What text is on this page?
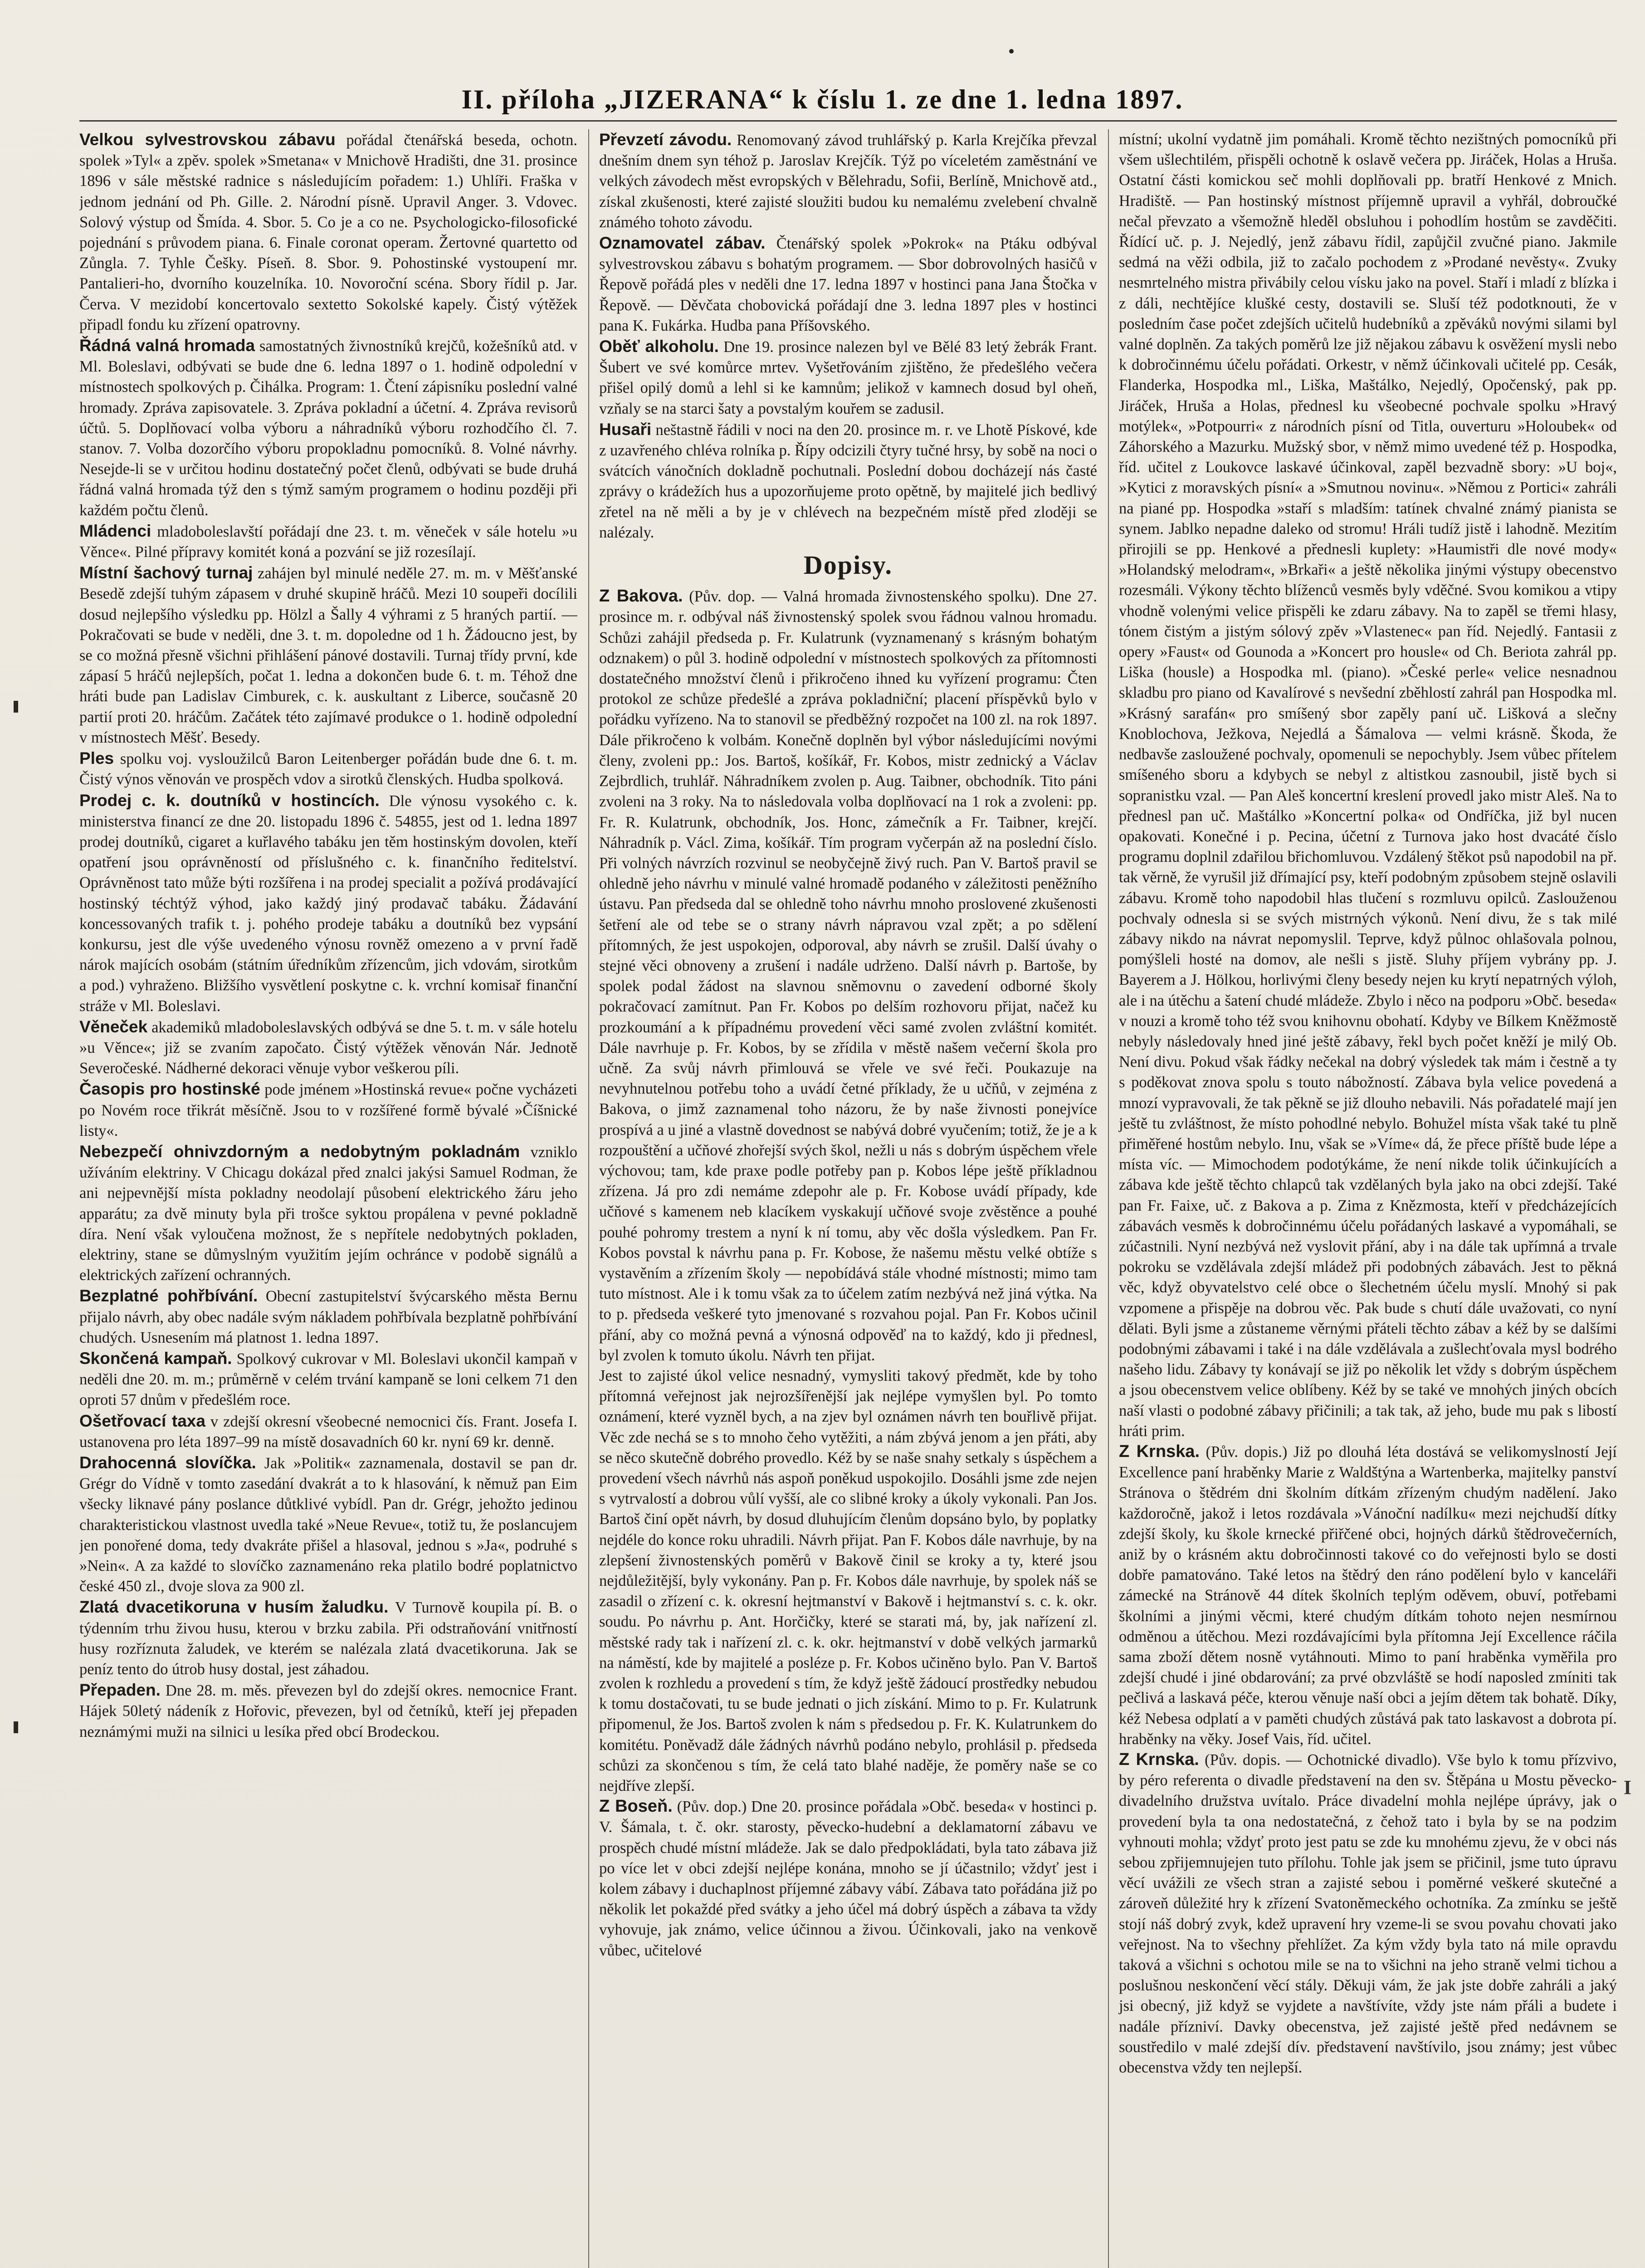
II. příloha „JIZERANA“ k číslu 1. ze dne 1. ledna 1897.

Velkou sylvestrovskou zábavu pořádal čtenářská beseda, ochotn. spolek »Tyl« a zpěv. spolek »Smetana« v Mnichově Hradišti, dne 31. prosince 1896 v sále městské radnice s následujícím pořadem: 1.) Uhlíři. Fraška v jednom jednání od Ph. Gille. 2. Národní písně. Upravil Anger. 3. Vdovec. Solový výstup od Šmída. 4. Sbor. 5. Co je a co ne. Psychologicko-filosofické pojednání s průvodem piana. 6. Finale coronat operam. Žertovné quartetto od Zůngla. 7. Tyhle Češky. Píseň. 8. Sbor. 9. Pohostinské vystoupení mr. Pantalieri-ho, dvorního kouzelníka. 10. Novoroční scéna. Sbory řídil p. Jar. Červa. V mezidobí koncertovalo sextetto Sokolské kapely. Čistý výtěžek připadl fondu ku zřízení opatrovny.

Řádná valná hromada samostatných živnostníků krejčů, kožešníků atd. v Ml. Boleslavi, odbývati se bude dne 6. ledna 1897 o 1. hodině odpolední v místnostech spolkových p. Čihálka. Program: 1. Čtení zápisníku poslední valné hromady. Zpráva zapisovatele. 3. Zpráva pokladní a účetní. 4. Zpráva revisorů účtů. 5. Doplňovací volba výboru a náhradníků výboru rozhodčího čl. 7. stanov. 7. Volba dozorčího výboru propokladnu pomocníků. 8. Volné návrhy. Nesejde-li se v určitou hodinu dostatečný počet členů, odbývati se bude druhá řádná valná hromada týž den s týmž samým programem o hodinu později při každém počtu členů.

Mládenci mladoboleslavští pořádají dne 23. t. m. věneček v sále hotelu »u Věnce«. Pilné přípravy komitét koná a pozvání se již rozesílají.

Místní šachový turnaj zahájen byl minulé neděle 27. m. m. v Měšťanské Besedě zdejší tuhým zápasem v druhé skupině hráčů. Mezi 10 soupeři docílili dosud nejlepšího výsledku pp. Hölzl a Šally 4 výhrami z 5 hraných partií. — Pokračovati se bude v neděli, dne 3. t. m. dopoledne od 1 h. Žádoucno jest, by se co možná přesně všichni přihlášení pánové dostavili. Turnaj třídy první, kde zápasí 5 hráčů nejlepších, počat 1. ledna a dokončen bude 6. t. m. Téhož dne hráti bude pan Ladislav Cimburek, c. k. auskultant z Liberce, současně 20 partií proti 20. hráčům. Začátek této zajímavé produkce o 1. hodině odpolední v místnostech Měšť. Besedy.

Ples spolku voj. vysloužilců Baron Leitenberger pořádán bude dne 6. t. m. Čistý výnos věnován ve prospěch vdov a sirotků členských. Hudba spolková.

Prodej c. k. doutníků v hostincích. Dle výnosu vysokého c. k. ministerstva financí ze dne 20. listopadu 1896 č. 54855, jest od 1. ledna 1897 prodej doutníků, cigaret a kuřlavého tabáku jen těm hostinským dovolen, kteří opatření jsou oprávněností od příslušného c. k. finančního ředitelství. Oprávněnost tato může býti rozšířena i na prodej specialit a požívá prodávající hostinský téchtýž výhod, jako každý jiný prodavač tabáku. Žádavání koncessovaných trafik t. j. pohého prodeje tabáku a doutníků bez vypsání konkursu, jest dle výše uvedeného výnosu rovněž omezeno a v první řadě nárok majících osobám (státním úředníkům zřízencům, jich vdovám, sirotkům a pod.) vyhraženo. Bližšího vysvětlení poskytne c. k. vrchní komisař finanční stráže v Ml. Boleslavi.

Věneček akademiků mladoboleslavských odbývá se dne 5. t. m. v sále hotelu »u Věnce«; již se zvaním započato. Čistý výtěžek věnován Nár. Jednotě Severočeské. Nádherné dekoraci věnuje vybor veškerou píli.

Časopis pro hostinské pode jménem »Hostinská revue« počne vycházeti po Novém roce třikrát měsíčně. Jsou to v rozšířené formě bývalé »Číšnické listy«.

Nebezpečí ohnivzdorným a nedobytným pokladnám vzniklo užíváním elektriny. V Chicagu dokázal před znalci jakýsi Samuel Rodman, že ani nejpevnější místa pokladny neodolají působení elektrického žáru jeho apparátu; za dvě minuty byla při trošce syktou propálena v pevné pokladně díra. Není však vyloučena možnost, že s nepřítele nedobytných pokladen, elektriny, stane se důmyslným využitím jejím ochránce v podobě signálů a elektrických zařízení ochranných.

Bezplatné pohřbívání. Obecní zastupitelství švýcarského města Bernu přijalo návrh, aby obec nadále svým nákladem pohřbívala bezplatně pohřbívání chudých. Usnesením má platnost 1. ledna 1897.

Skončená kampaň. Spolkový cukrovar v Ml. Boleslavi ukončil kampaň v neděli dne 20. m. m.; průměrně v celém trvání kampaně se loni celkem 71 den oproti 57 dnům v předešlém roce.

Ošetřovací taxa v zdejší okresní všeobecné nemocnici čís. Frant. Josefa I. ustanovena pro léta 1897–99 na místě dosavadních 60 kr. nyní 69 kr. denně.

Drahocenná slovíčka. Jak »Politik« zaznamenala, dostavil se pan dr. Grégr do Vídně v tomto zasedání dvakrát a to k hlasování, k němuž pan Eim všecky liknavé pány poslance důtklivé vybídl. Pan dr. Grégr, jehožto jedinou charakteristickou vlastnost uvedla také »Neue Revue«, totiž tu, že poslancujem jen ponořené doma, tedy dvakráte přišel a hlasoval, jednou s »Ja«, podruhé s »Nein«. A za každé to slovíčko zaznamenáno reka platilo bodré poplatnictvo české 450 zl., dvoje slova za 900 zl.

Zlatá dvacetikoruna v husím žaludku. V Turnově koupila pí. B. o týdenním trhu živou husu, kterou v brzku zabila. Při odstraňování vnitřností husy rozříznuta žaludek, ve kterém se nalézala zlatá dvacetikoruna. Jak se peníz tento do útrob husy dostal, jest záhadou.

Přepaden. Dne 28. m. měs. převezen byl do zdejší okres. nemocnice Frant. Hájek 50letý nádeník z Hořovic, převezen, byl od četníků, kteří jej přepaden neznámými muži na silnici u lesíka před obcí Brodeckou.

Převzetí závodu. Renomovaný závod truhlářský p. Karla Krejčíka převzal dnešním dnem syn téhož p. Jaroslav Krejčík. Týž po víceletém zaměstnání ve velkých závodech měst evropských v Bělehradu, Sofii, Berlíně, Mnichově atd., získal zkušenosti, které zajisté sloužiti budou ku nemalému zvelebení chvalně známého tohoto závodu.

Oznamovatel zábav. Čtenářský spolek »Pokrok« na Ptáku odbýval sylvestrovskou zábavu s bohatým programem. — Sbor dobrovolných hasičů v Řepově pořádá ples v neděli dne 17. ledna 1897 v hostinci pana Jana Štočka v Řepově. — Děvčata chobovická pořádají dne 3. ledna 1897 ples v hostinci pana K. Fukárka. Hudba pana Příšovského.

Oběť alkoholu. Dne 19. prosince nalezen byl ve Bělé 83 letý žebrák Frant. Šubert ve své komůrce mrtev. Vyšetřováním zjištěno, že předešlého večera přišel opilý domů a lehl si ke kamnům; jelikož v kamnech dosud byl oheň, vzňaly se na starci šaty a povstalým kouřem se zadusil.

Husaři neštastně řádili v noci na den 20. prosince m. r. ve Lhotě Pískové, kde z uzavřeného chléva rolníka p. Řípy odcizili čtyry tučné hrsy, by sobě na noci o svátcích vánočních dokladně pochutnali. Poslední dobou docházejí nás časté zprávy o krádežích hus a upozorňujeme proto opětně, by majitelé jich bedlivý zřetel na ně měli a by je v chlévech na bezpečném místě před zloději se nalézaly.

Dopisy.

Z Bakova. (Pův. dop. — Valná hromada živnostenského spolku). Dne 27. prosince m. r. odbýval náš živnostenský spolek svou řádnou valnou hromadu. Schůzi zahájil předseda p. Fr. Kulatrunk (vyznamenaný s krásným bohatým odznakem) o půl 3. hodině odpolední v místnostech spolkových za přítomnosti dostatečného množství členů i přikročeno ihned ku vyřízení programu: Čten protokol ze schůze předešlé a zpráva pokladniční; placení příspěvků bylo v pořádku vyřízeno. Na to stanovil se předběžný rozpočet na 100 zl. na rok 1897. Dále přikročeno k volbám. Konečně doplněn byl výbor následujícími novými členy, zvoleni pp.: Jos. Bartoš, košíkář, Fr. Kobos, mistr zednický a Václav Zejbrdlich, truhlář. Náhradníkem zvolen p. Aug. Taibner, obchodník. Tito páni zvoleni na 3 roky. Na to následovala volba doplňovací na 1 rok a zvoleni: pp. Fr. R. Kulatrunk, obchodník, Jos. Honc, zámečník a Fr. Taibner, krejčí. Náhradník p. Václ. Zima, košíkář. Tím program vyčerpán až na poslední číslo. Při volných návrzích rozvinul se neobyčejně živý ruch. Pan V. Bartoš pravil se ohledně jeho návrhu v minulé valné hromadě podaného v záležitosti peněžního ústavu. Pan předseda dal se ohledně toho návrhu mnoho proslovené zkušenosti šetření ale od tebe se o strany návrh nápravou vzal zpět; a po sdělení přítomných, že jest uspokojen, odporoval, aby návrh se zrušil. Další úvahy o stejné věci obnoveny a zrušení i nadále udrženo. Další návrh p. Bartoše, by spolek podal žádost na slavnou sněmovnu o zavedení odborné školy pokračovací zamítnut. Pan Fr. Kobos po delším rozhovoru přijat, načež ku prozkoumání a k případnému provedení věci samé zvolen zvláštní komitét. Dále navrhuje p. Fr. Kobos, by se zřídila v městě našem večerní škola pro učně. Za svůj návrh přimlouvá se vřele ve své řeči. Poukazuje na nevyhnutelnou potřebu toho a uvádí četné příklady, že u učňů, v zejména z Bakova, o jimž zaznamenal toho názoru, že by naše živnosti ponejvíce prospívá a u jiné a vlastně dovednost se nabývá dobré vyučením; totiž, že je a k rozpouštění a učňové zhořejší svých škol, nežli u nás s dobrým úspěchem vřele výchovou; tam, kde praxe podle potřeby pan p. Kobos lépe ještě příkladnou zřízena. Já pro zdi nemáme zdepohr ale p. Fr. Kobose uvádí případy, kde učňové s kamenem neb klacíkem vyskakují učňové svoje zvěstěnce a pouhé pouhé pohromy trestem a nyní k ní tomu, aby věc došla výsledkem. Pan Fr. Kobos povstal k návrhu pana p. Fr. Kobose, že našemu městu velké obtíže s vystavěním a zřízením školy — nepobídává stále vhodné místnosti; mimo tam tuto místnost. Ale i k tomu však za to účelem zatím nezbývá než jiná výtka. Na to p. předseda veškeré tyto jmenované s rozvahou pojal. Pan Fr. Kobos učinil přání, aby co možná pevná a výnosná odpověď na to každý, kdo ji přednesl, byl zvolen k tomuto úkolu. Návrh ten přijat.

Jest to zajisté úkol velice nesnadný, vymysliti takový předmět, kde by toho přítomná veřejnost jak nejrozšířenější jak nejlépe vymyšlen byl. Po tomto oznámení, které vyzněl bych, a na zjev byl oznámen návrh ten bouřlivě přijat. Věc zde nechá se s to mnoho čeho vytěžiti, a nám zbývá jenom a jen přáti, aby se něco skutečně dobrého provedlo. Kéž by se naše snahy setkaly s úspěchem a provedení všech návrhů nás aspoň poněkud uspokojilo. Dosáhli jsme zde nejen s vytrvalostí a dobrou vůlí vyšší, ale co slibné kroky a úkoly vykonali. Pan Jos. Bartoš činí opět návrh, by dosud dluhujícím členům dopsáno bylo, by poplatky nejdéle do konce roku uhradili. Návrh přijat. Pan F. Kobos dále navrhuje, by na zlepšení živnostenských poměrů v Bakově činil se kroky a ty, které jsou nejdůležitější, byly vykonány. Pan p. Fr. Kobos dále navrhuje, by spolek náš se zasadil o zřízení c. k. okresní hejtmanství v Bakově i hejtmanství s. c. k. okr. soudu. Po návrhu p. Ant. Horčičky, které se starati má, by, jak nařízení zl. městské rady tak i nařízení zl. c. k. okr. hejtmanství v době velkých jarmarků na náměstí, kde by majitelé a posléze p. Fr. Kobos učiněno bylo. Pan V. Bartoš zvolen k rozhledu a provedení s tím, že když ještě žádoucí prostředky nebudou k tomu dostačovati, tu se bude jednati o jich získání. Mimo to p. Fr. Kulatrunk připomenul, že Jos. Bartoš zvolen k nám s předsedou p. Fr. K. Kulatrunkem do komitétu. Poněvadž dále žádných návrhů podáno nebylo, prohlásil p. předseda schůzi za skončenou s tím, že celá tato blahé naděje, že poměry naše se co nejdříve zlepší.

Z Boseň. (Pův. dop.) Dne 20. prosince pořádala »Obč. beseda« v hostinci p. V. Šámala, t. č. okr. starosty, pěvecko-hudební a deklamatorní zábavu ve prospěch chudé místní mládeže. Jak se dalo předpokládati, byla tato zábava již po více let v obci zdejší nejlépe konána, mnoho se jí účastnilo; vždyť jest i kolem zábavy i duchaplnost příjemné zábavy vábí. Zábava tato pořádána již po několik let pokaždé před svátky a jeho účel má dobrý úspěch a zábava ta vždy vyhovuje, jak známo, velice účinnou a živou. Účinkovali, jako na venkově vůbec, učitelové

místní; ukolní vydatně jim pomáhali. Kromě těchto nezištných pomocníků při všem ušlechtilém, přispěli ochotně k oslavě večera pp. Jiráček, Holas a Hruša. Ostatní části komickou seč mohli doplňovali pp. bratří Henkové z Mnich. Hradiště. — Pan hostinský místnost příjemně upravil a vyhřál, dobroučké nečal převzato a všemožně hleděl obsluhou i pohodlím hostům se zavděčiti. Řídící uč. p. J. Nejedlý, jenž zábavu řídil, zapůjčil zvučné piano. Jakmile sedmá na věži odbila, již to začalo pochodem z »Prodané nevěsty«. Zvuky nesmrtelného mistra přivábily celou vísku jako na povel. Staří i mladí z blízka i z dáli, nechtějíce klušké cesty, dostavili se. Sluší též podotknouti, že v posledním čase počet zdejších učitelů hudebníků a zpěváků novými silami byl valné doplněn. Za takých poměrů lze již nějakou zábavu k osvěžení mysli nebo k dobročinnému účelu pořádati. Orkestr, v němž účinkovali učitelé pp. Cesák, Flanderka, Hospodka ml., Liška, Maštálko, Nejedlý, Opočenský, pak pp. Jiráček, Hruša a Holas, přednesl ku všeobecné pochvale spolku »Hravý motýlek«, »Potpourri« z národních písní od Titla, ouverturu »Holoubek« od Záhorského a Mazurku. Mužský sbor, v němž mimo uvedené též p. Hospodka, říd. učitel z Loukovce laskavé účinkoval, zapěl bezvadně sbory: »U boj«, »Kytici z moravských písní« a »Smutnou novinu«. »Němou z Portici« zahráli na piané pp. Hospodka »staří s mladším: tatínek chvalné známý pianista se synem. Jablko nepadne daleko od stromu! Hráli tudíž jistě i lahodně. Mezitím přirojili se pp. Henkové a přednesli kuplety: »Haumistři dle nové mody« »Holandský melodram«, »Brkaři« a ještě několika jinými výstupy obecenstvo rozesmáli. Výkony těchto blíženců vesměs byly vděčné. Svou komikou a vtipy vhodně volenými velice přispěli ke zdaru zábavy. Na to zapěl se třemi hlasy, tónem čistým a jistým sólový zpěv »Vlastenec« pan říd. Nejedlý. Fantasii z opery »Faust« od Gounoda a »Koncert pro housle« od Ch. Beriota zahrál pp. Liška (housle) a Hospodka ml. (piano). »České perle« velice nesnadnou skladbu pro piano od Kavalírové s nevšední zběhlostí zahrál pan Hospodka ml. »Krásný sarafán« pro smíšený sbor zapěly paní uč. Lišková a slečny Knoblochova, Ježkova, Nejedlá a Šámalova — velmi krásně. Škoda, že nedbavše zasloužené pochvaly, opomenuli se nepochybly. Jsem vůbec přítelem smíšeného sboru a kdybych se nebyl z altistkou zasnoubil, jistě bych si sopranistku vzal. — Pan Aleš koncertní kreslení provedl jako mistr Aleš. Na to přednesl pan uč. Maštálko »Koncertní polka« od Ondříčka, již byl nucen opakovati. Konečné i p. Pecina, účetní z Turnova jako host dvacáté číslo programu doplnil zdařilou břichomluvou. Vzdálený štěkot psů napodobil na př. tak věrně, že vyrušil již dřímající psy, kteří podobným způsobem stejně oslavili zábavu. Kromě toho napodobil hlas tlučení s rozmluvu opilců. Zaslouženou pochvaly odnesla si se svých mistrných výkonů. Není divu, že s tak milé zábavy nikdo na návrat nepomyslil. Teprve, když půlnoc ohlašovala polnou, pomýšleli hosté na domov, ale nešli s jistě. Sluhy příjem vybrány pp. J. Bayerem a J. Hölkou, horlivými členy besedy nejen ku krytí nepatrných výloh, ale i na útěchu a šatení chudé mládeže. Zbylo i něco na podporu »Obč. beseda« v nouzi a kromě toho též svou knihovnu obohatí. Kdyby ve Bílkem Kněžmostě nebyly následovaly hned jiné ještě zábavy, řekl bych počet kněží je milý Ob. Není divu. Pokud však řádky nečekal na dobrý výsledek tak mám i čestně a ty s poděkovat znova spolu s touto nábožností. Zábava byla velice povedená a mnozí vypravovali, že tak pěkně se již dlouho nebavili. Nás pořadatelé mají jen ještě tu zvláštnost, že místo pohodlné nebylo. Bohužel místa však také tu plně přiměřené hostům nebylo. Inu, však se »Víme« dá, že přece příště bude lépe a místa víc. — Mimochodem podotýkáme, že není nikde tolik účinkujících a zábava kde ještě těchto chlapců tak vzdělaných byla jako na obci zdejší. Také pan Fr. Faixe, uč. z Bakova a p. Zima z Knězmosta, kteří v předcházejících zábavách vesměs k dobročinnému účelu pořádaných laskavé a vypomáhali, se zúčastnili. Nyní nezbývá než vyslovit přání, aby i na dále tak upřímná a trvale pokroku se vzdělávala zdejší mládež při podobných zábavách. Jest to pěkná věc, když obyvatelstvo celé obce o šlechetném účelu myslí. Mnohý si pak vzpomene a přispěje na dobrou věc. Pak bude s chutí dále uvažovati, co nyní dělati. Byli jsme a zůstaneme věrnými přáteli těchto zábav a kéž by se dalšími podobnými zábavami i také i na dále vzdělávala a zušlechťovala mysl bodrého našeho lidu. Zábavy ty konávají se již po několik let vždy s dobrým úspěchem a jsou obecenstvem velice oblíbeny. Kéž by se také ve mnohých jiných obcích naší vlasti o podobné zábavy přičinili; a tak tak, až jeho, bude mu pak s libostí hráti prim.

Z Krnska. (Pův. dopis.) Již po dlouhá léta dostává se velikomyslností Její Excellence paní hraběnky Marie z Waldštýna a Wartenberka, majitelky panství Stránova o štědrém dni školním dítkám zřízeným chudým nadělení. Jako každoročně, jakož i letos rozdávala »Vánoční nadílku« mezi nejchudší dítky zdejší školy, ku škole krnecké přiřčené obci, hojných dárků štědrovečerních, aniž by o krásném aktu dobročinnosti takové co do veřejnosti bylo se dosti dobře pamatováno. Také letos na štědrý den ráno podělení bylo v kanceláři zámecké na Stránově 44 dítek školních teplým oděvem, obuví, potřebami školními a jinými věcmi, které chudým dítkám tohoto nejen nesmírnou odměnou a útěchou. Mezi rozdávajícími byla přítomna Její Excellence ráčila sama zboží dětem nosně vytáhnouti. Mimo to paní hraběnka vyměřila pro zdejší chudé i jiné obdarování; za prvé obzvláště se hodí naposled zmíniti tak pečlivá a laskavá péče, kterou věnuje naší obci a jejím dětem tak bohatě. Díky, kéž Nebesa odplatí a v paměti chudých zůstává pak tato laskavost a dobrota pí. hraběnky na věky. Josef Vais, říd. učitel.

Z Krnska. (Pův. dopis. — Ochotnické divadlo). Vše bylo k tomu přízvivo, by péro referenta o divadle představení na den sv. Štěpána u Mostu pěvecko-divadelního družstva uvítalo. Práce divadelní mohla nejlépe úprávy, jak o provedení byla ta ona nedostatečná, z čehož tato i byla by se na podzim vyhnouti mohla; vždyť proto jest patu se zde ku mnohému zjevu, že v obci nás sebou zpřijemnujejen tuto přílohu. Tohle jak jsem se přičinil, jsme tuto úpravu věcí uvážili ze všech stran a zajisté sebou i poměrné veškeré skutečné a zároveň důležité hry k zřízení Svatoněmeckého ochotníka. Za zmínku se ještě stojí náš dobrý zvyk, kdež upravení hry vzeme-li se svou povahu chovati jako veřejnost. Na to všechny přehlížet. Za kým vždy byla tato ná mile opravdu taková a všichni s ochotou mile se na to všichni na jeho straně velmi tichou a poslušnou neskončení věcí stály. Děkuji vám, že jak jste dobře zahráli a jaký jsi obecný, již když se vyjdete a navštívíte, vždy jste nám přáli a budete i nadále přízniví. Davky obecenstva, jež zajisté ještě před nedávnem se soustředilo v malé zdejší dív. představení navštívilo, jsou známy; jest vůbec obecenstva vždy ten nejlepší.

I
